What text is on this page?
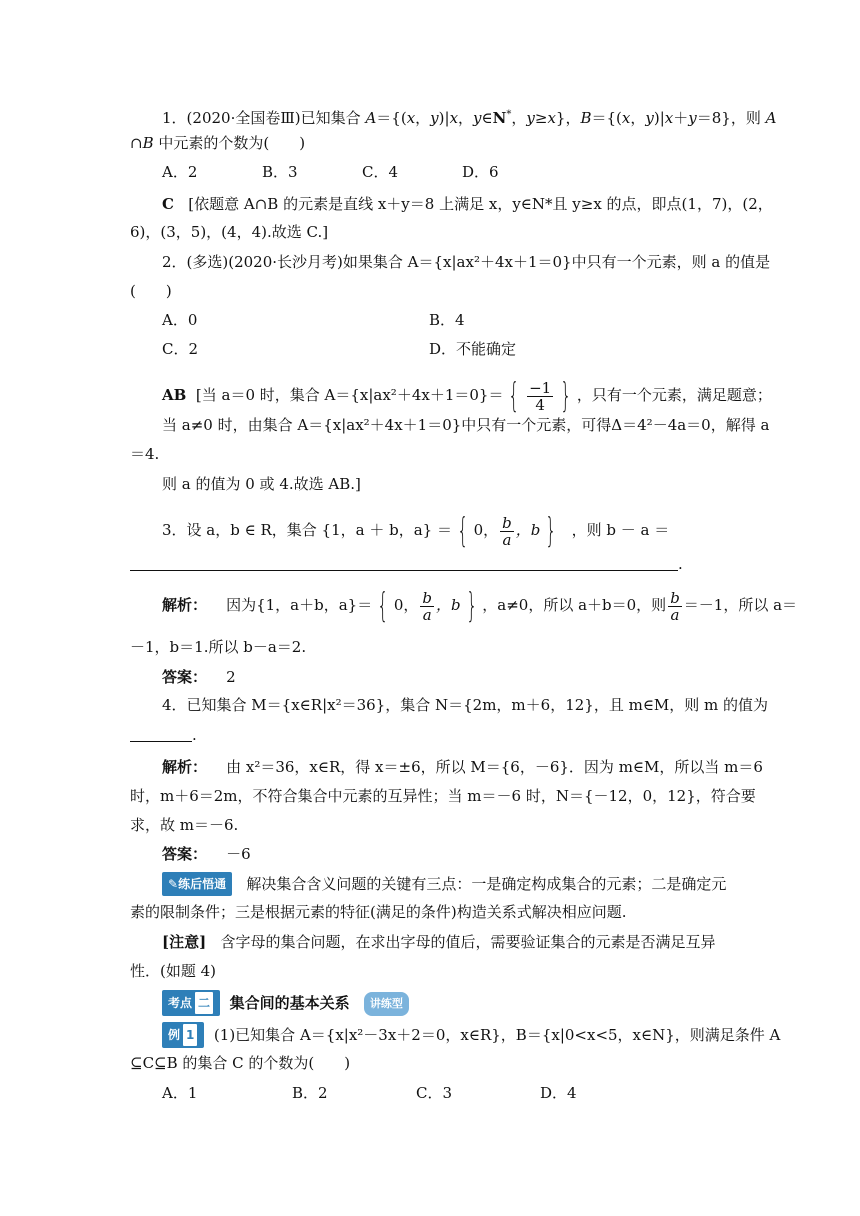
1．(2020·全国卷Ⅲ)已知集合 A＝{(x，y)|x，y∈N*，y≥x}，B＝{(x，y)|x＋y＝8}，则 A
∩B 中元素的个数为(　　)
A．2	B．3	C．4	D．6
C [依题意 A∩B 的元素是直线 x＋y＝8 上满足 x，y∈N*且 y≥x 的点，即点(1，7)，(2，
6)，(3，5)，(4，4).故选 C.]
2．(多选)(2020·长沙月考)如果集合 A＝{x|ax²＋4x＋1＝0}中只有一个元素，则 a 的值是
(　　)
A．0	B．4
C．2	D．不能确定
AB [当 a＝0 时，集合 A＝{x|ax²＋4x＋1＝0}＝ { $\frac{-1}{4}$ } ，只有一个元素，满足题意；
当 a≠0 时，由集合 A＝{x|ax²＋4x＋1＝0}中只有一个元素，可得Δ＝4²－4a＝0，解得 a
＝4.
则 a 的值为 0 或 4.故选 AB.]
3．设 a，b ∈ R，集合 {1，a ＋ b，a} ＝ { 0， $\frac{b}{a}$ ，b } ，则 b － a ＝
.
解析： 因为{1，a＋b，a}＝ { 0， $\frac{b}{a}$ ，b } ，a≠0，所以 a＋b＝0，则 $\frac{b}{a} =-1$，所以 a＝
－1，b＝1.所以 b－a＝2.
答案： 2
4．已知集合 M＝{x∈R|x²＝36}，集合 N＝{2m，m＋6，12}，且 m∈M，则 m 的值为
.
解析： 由 x²＝36，x∈R，得 x＝±6，所以 M＝{6，－6}．因为 m∈M，所以当 m＝6
时，m＋6＝2m，不符合集合中元素的互异性；当 m＝－6 时，N＝{－12，0，12}，符合要
求，故 m＝－6.
答案： －6
✎练后悟通 解决集合含义问题的关键有三点：一是确定构成集合的元素；二是确定元
素的限制条件；三是根据元素的特征(满足的条件)构造关系式解决相应问题.
[注意] 含字母的集合问题，在求出字母的值后，需要验证集合的元素是否满足互异
性．(如题 4)
考点 二 集合间的基本关系 讲练型
例 1 (1)已知集合 A＝{x|x²－3x＋2＝0，x∈R}，B＝{x|0<x<5，x∈N}，则满足条件 A
⊆C⊆B 的集合 C 的个数为(　　)
A．1	B．2	C．3	D．4
